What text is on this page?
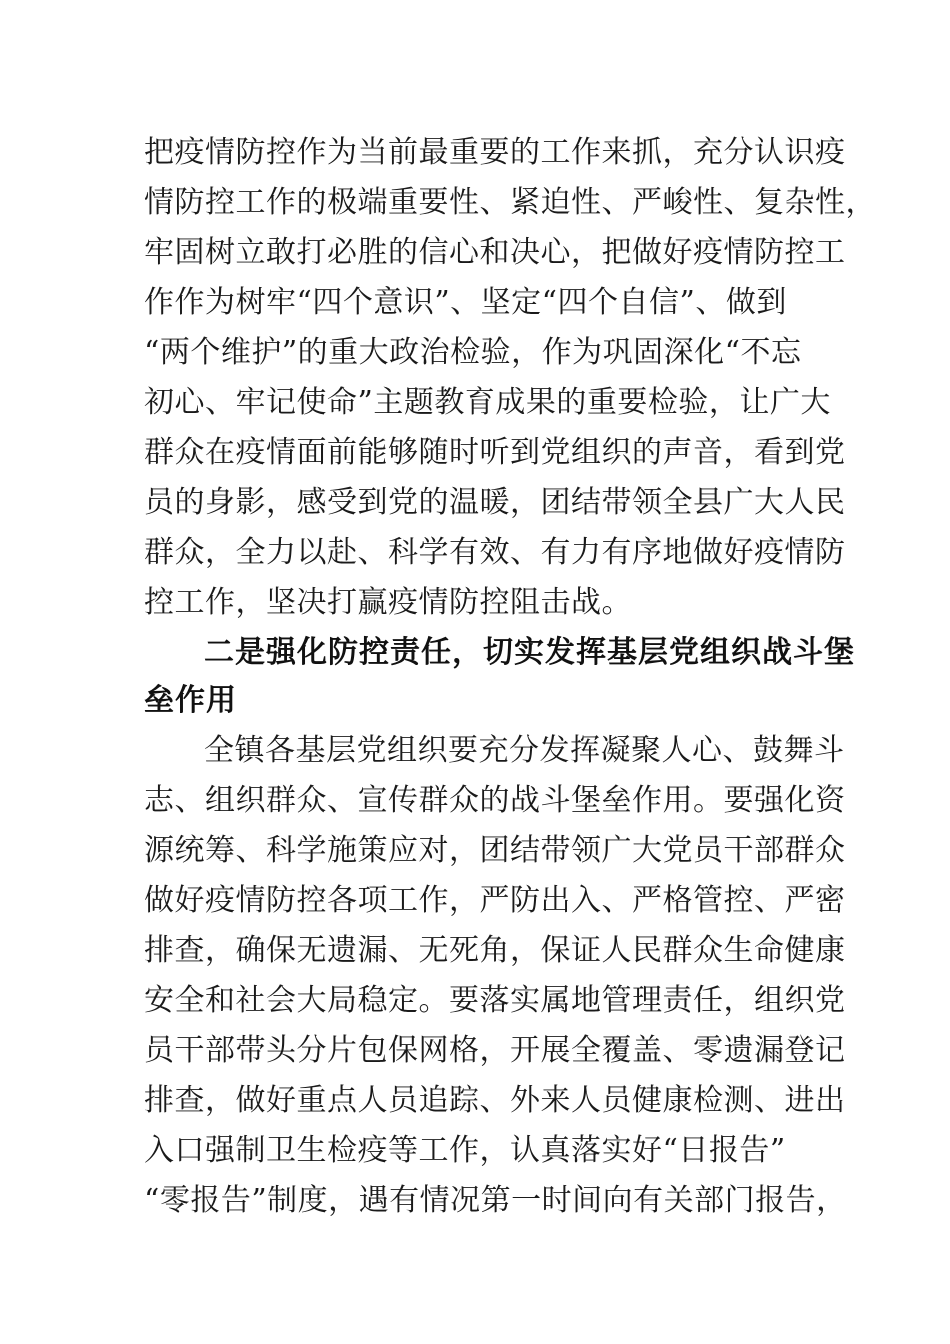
把疫情防控作为当前最重要的工作来抓，充分认识疫
情防控工作的极端重要性、紧迫性、严峻性、复杂性，
牢固树立敢打必胜的信心和决心，把做好疫情防控工
作作为树牢“四个意识”、坚定“四个自信”、做到
“两个维护”的重大政治检验，作为巩固深化“不忘
初心、牢记使命”主题教育成果的重要检验，让广大
群众在疫情面前能够随时听到党组织的声音，看到党
员的身影，感受到党的温暖，团结带领全县广大人民
群众，全力以赴、科学有效、有力有序地做好疫情防
控工作，坚决打赢疫情防控阻击战。
二是强化防控责任，切实发挥基层党组织战斗堡
垒作用
全镇各基层党组织要充分发挥凝聚人心、鼓舞斗
志、组织群众、宣传群众的战斗堡垒作用。要强化资
源统筹、科学施策应对，团结带领广大党员干部群众
做好疫情防控各项工作，严防出入、严格管控、严密
排查，确保无遗漏、无死角，保证人民群众生命健康
安全和社会大局稳定。要落实属地管理责任，组织党
员干部带头分片包保网格，开展全覆盖、零遗漏登记
排查，做好重点人员追踪、外来人员健康检测、进出
入口强制卫生检疫等工作，认真落实好“日报告”
“零报告”制度，遇有情况第一时间向有关部门报告，
